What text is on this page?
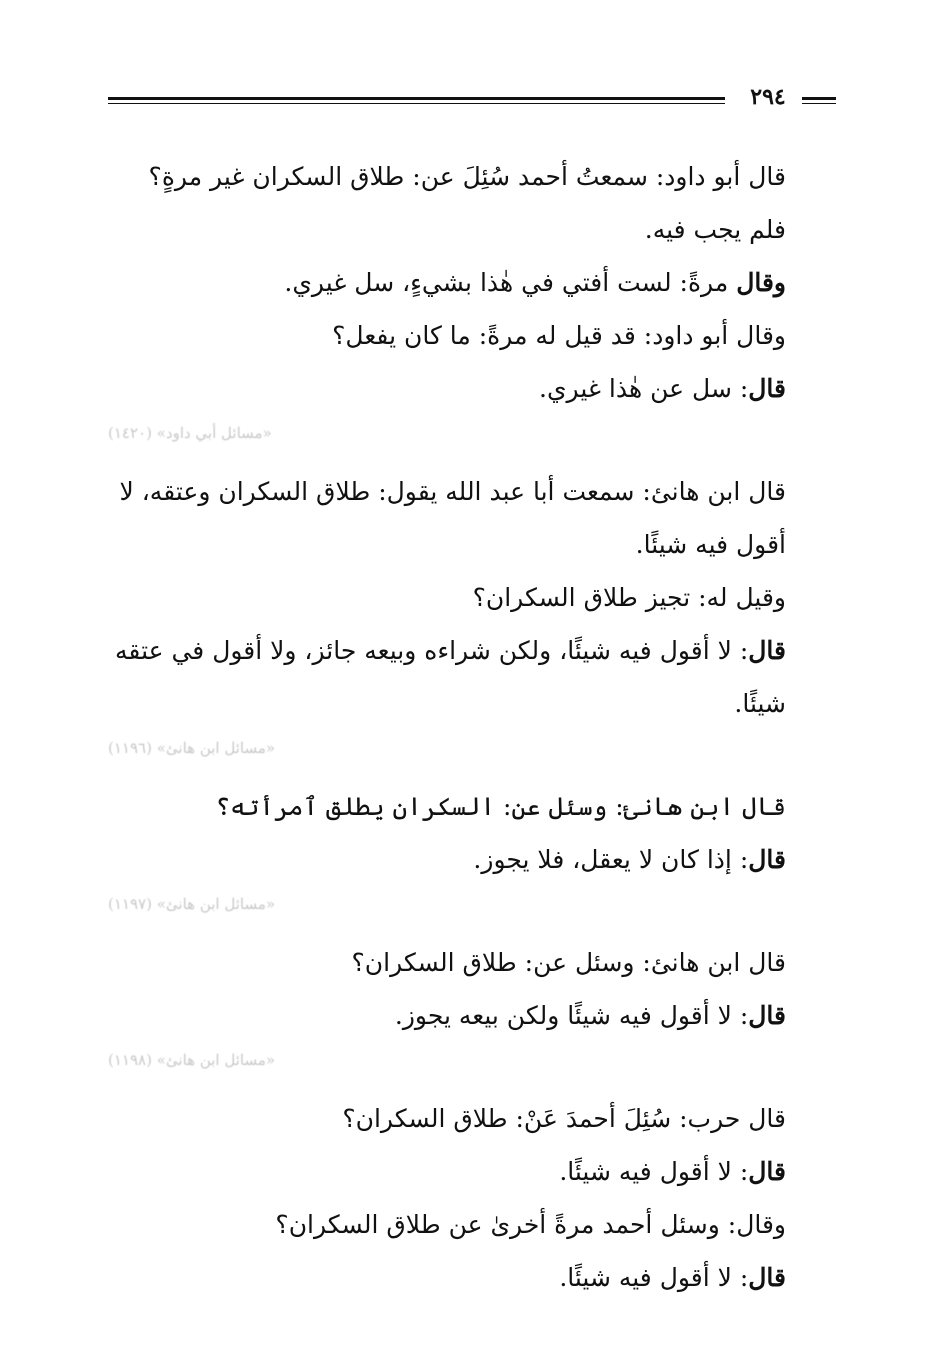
٢٩٤

قال أبو داود: سمعتُ أحمد سُئِلَ عن: طلاق السكران غير مرةٍ؟ فلم يجب فيه.

وقال مرةً: لست أفتي في هٰذا بشيءٍ، سل غيري.

وقال أبو داود: قد قيل له مرةً: ما كان يفعل؟

قال: سل عن هٰذا غيري.

«مسائل أبي داود» (١٤٢٠)

قال ابن هانئ: سمعت أبا عبد الله يقول: طلاق السكران وعتقه، لا أقول فيه شيئًا.

وقيل له: تجيز طلاق السكران؟

قال: لا أقول فيه شيئًا، ولكن شراءه وبيعه جائز، ولا أقول في عتقه شيئًا.

«مسائل ابن هانئ» (١١٩٦)

قال ابن هانئ: وسئل عن: السكران يطلق ٱمرأته؟

قال: إذا كان لا يعقل، فلا يجوز.

«مسائل ابن هانئ» (١١٩٧)

قال ابن هانئ: وسئل عن: طلاق السكران؟

قال: لا أقول فيه شيئًا ولكن بيعه يجوز.

«مسائل ابن هانئ» (١١٩٨)

قال حرب: سُئِلَ أحمدَ عَنْ: طلاق السكران؟

قال: لا أقول فيه شيئًا.

وقال: وسئل أحمد مرةً أخرىٰ عن طلاق السكران؟

قال: لا أقول فيه شيئًا.
